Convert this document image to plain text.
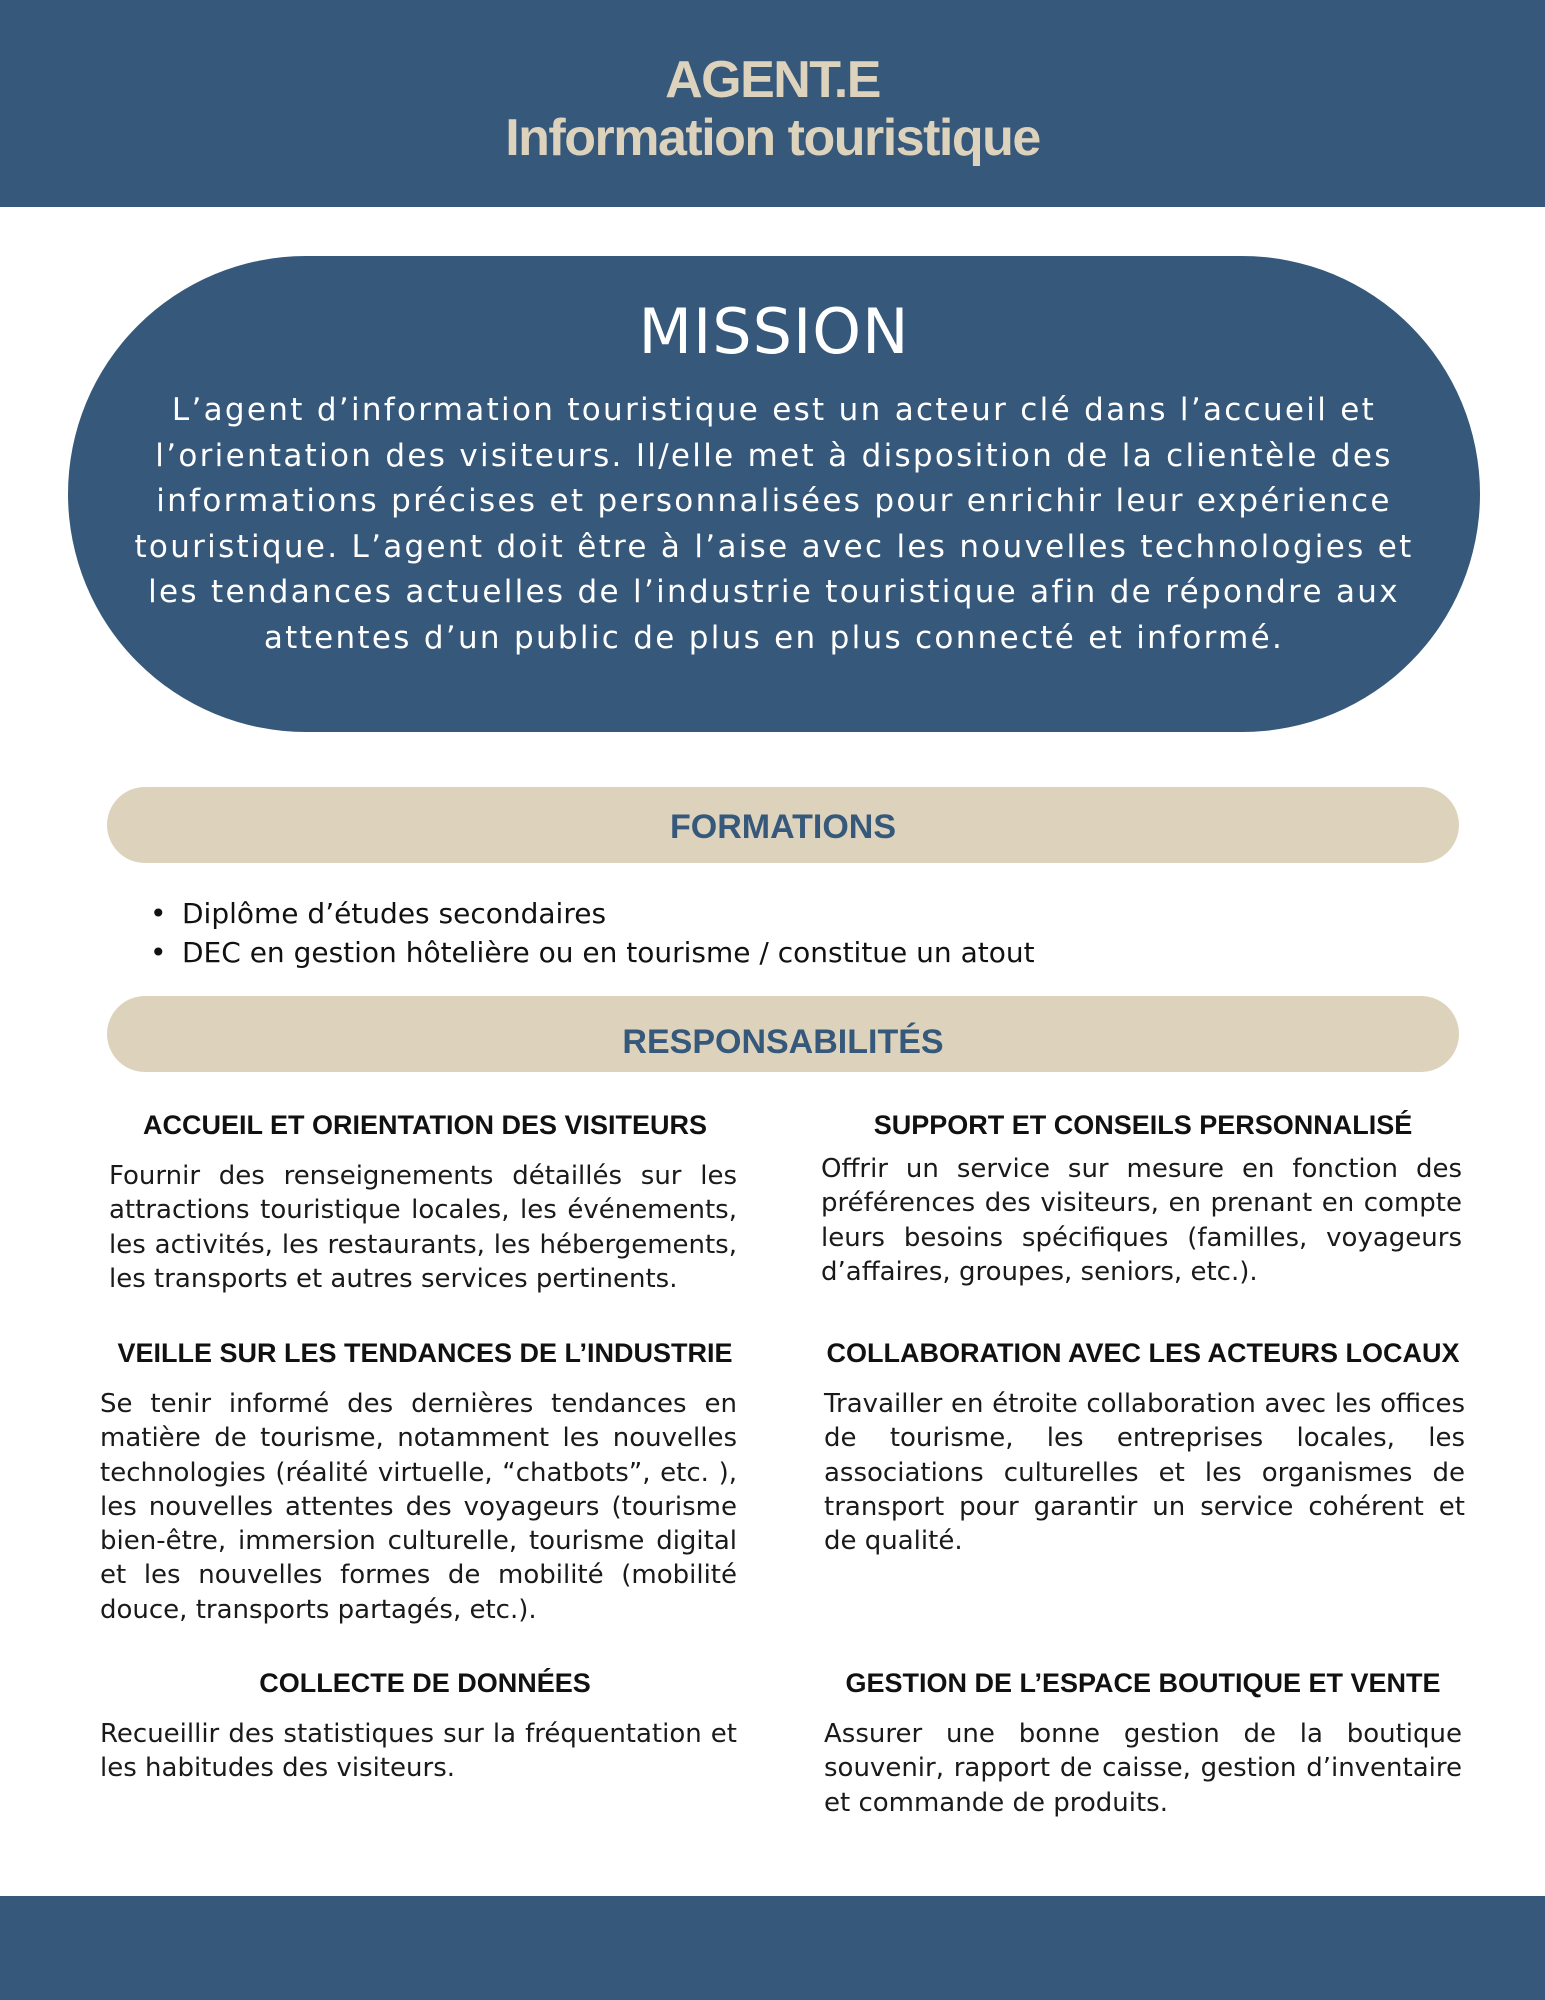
AGENT.E
Information touristique
MISSION
L’agent d’information touristique est un acteur clé dans l’accueil et l’orientation des visiteurs. Il/elle met à disposition de la clientèle des informations précises et personnalisées pour enrichir leur expérience touristique. L’agent doit être à l’aise avec les nouvelles technologies et les tendances actuelles de l’industrie touristique afin de répondre aux attentes d’un public de plus en plus connecté et informé.
FORMATIONS
• Diplôme d’études secondaires
• DEC en gestion hôtelière ou en tourisme / constitue un atout
RESPONSABILITÉS
ACCUEIL ET ORIENTATION DES VISITEURS
Fournir des renseignements détaillés sur les attractions touristique locales, les événements, les activités, les restaurants, les hébergements, les transports et autres services pertinents.
SUPPORT ET CONSEILS PERSONNALISÉ
Offrir un service sur mesure en fonction des préférences des visiteurs, en prenant en compte leurs besoins spécifiques (familles, voyageurs d’affaires, groupes, seniors, etc.).
VEILLE SUR LES TENDANCES DE L’INDUSTRIE
Se tenir informé des dernières tendances en matière de tourisme, notamment les nouvelles technologies (réalité virtuelle, “chatbots”, etc. ), les nouvelles attentes des voyageurs (tourisme bien-être, immersion culturelle, tourisme digital et les nouvelles formes de mobilité (mobilité douce, transports partagés, etc.).
COLLABORATION AVEC LES ACTEURS LOCAUX
Travailler en étroite collaboration avec les offices de tourisme, les entreprises locales, les associations culturelles et les organismes de transport pour garantir un service cohérent et de qualité.
COLLECTE DE DONNÉES
Recueillir des statistiques sur la fréquentation et les habitudes des visiteurs.
GESTION DE L’ESPACE BOUTIQUE ET VENTE
Assurer une bonne gestion de la boutique souvenir, rapport de caisse, gestion d’inventaire et commande de produits.
